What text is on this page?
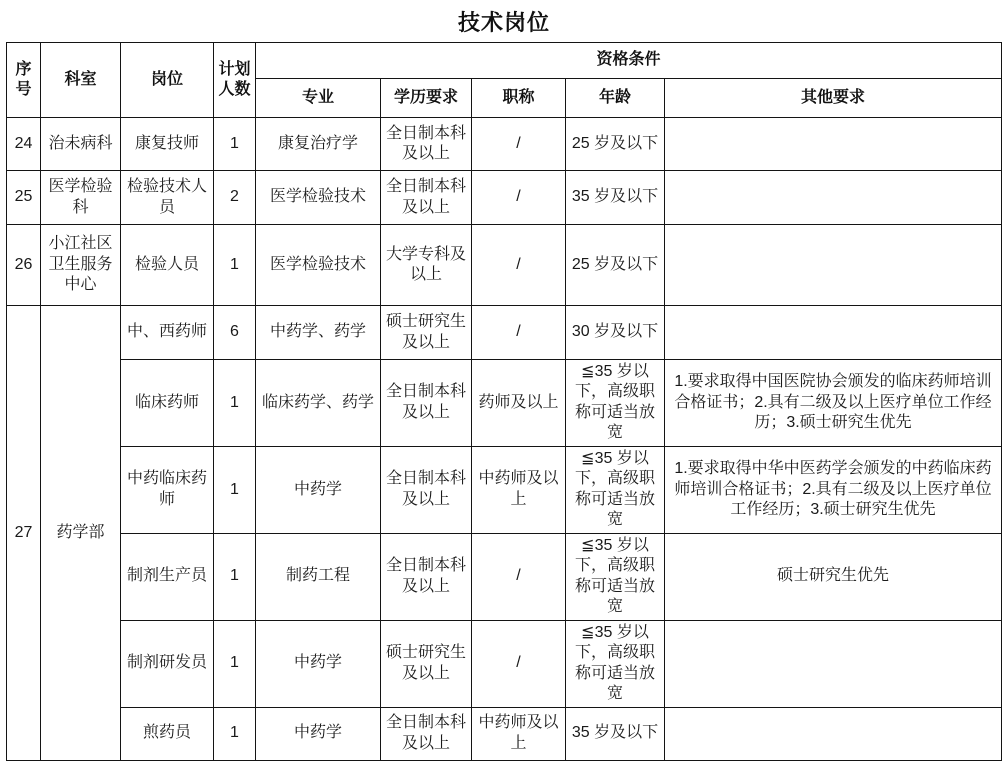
技术岗位
序号	科室	岗位	计划人数	资格条件				
				专业	学历要求	职称	年龄	其他要求
24	治未病科	康复技师	1	康复治疗学	全日制本科及以上	/	25 岁及以下	
25	医学检验科	检验技术人员	2	医学检验技术	全日制本科及以上	/	35 岁及以下	
26	小江社区卫生服务中心	检验人员	1	医学检验技术	大学专科及以上	/	25 岁及以下	
27	药学部	中、西药师	6	中药学、药学	硕士研究生及以上	/	30 岁及以下	
		临床药师	1	临床药学、药学	全日制本科及以上	药师及以上	≦35 岁以下，高级职称可适当放宽	1.要求取得中国医院协会颁发的临床药师培训合格证书；2.具有二级及以上医疗单位工作经历；3.硕士研究生优先
		中药临床药师	1	中药学	全日制本科及以上	中药师及以上	≦35 岁以下，高级职称可适当放宽	1.要求取得中华中医药学会颁发的中药临床药师培训合格证书；2.具有二级及以上医疗单位工作经历；3.硕士研究生优先
		制剂生产员	1	制药工程	全日制本科及以上	/	≦35 岁以下，高级职称可适当放宽	硕士研究生优先
		制剂研发员	1	中药学	硕士研究生及以上	/	≦35 岁以下，高级职称可适当放宽	
		煎药员	1	中药学	全日制本科及以上	中药师及以上	35 岁及以下	
